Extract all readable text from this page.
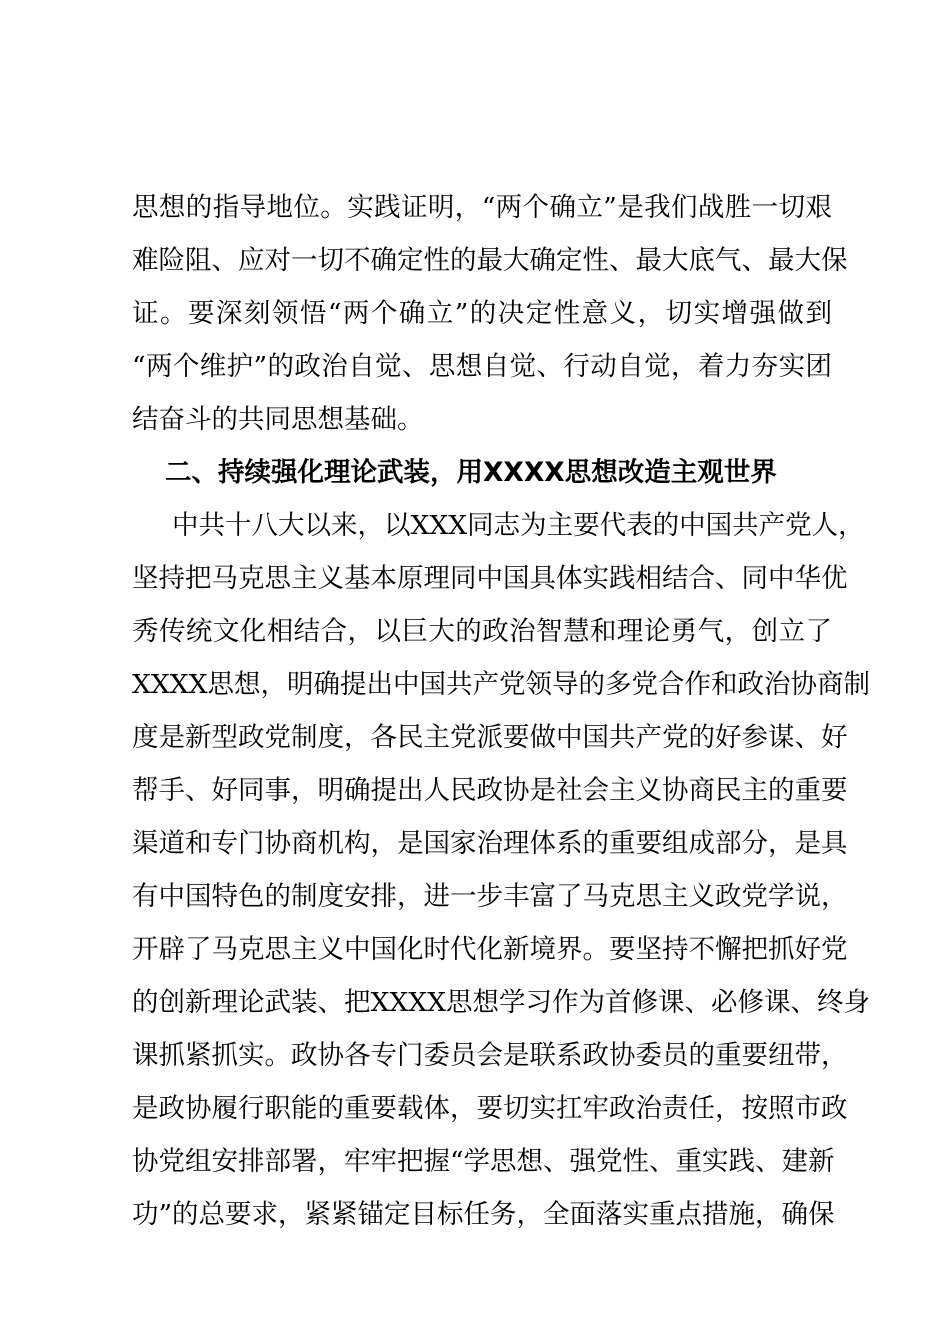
思想的指导地位。实践证明，“两个确立”是我们战胜一切艰
难险阻、应对一切不确定性的最大确定性、最大底气、最大保
证。要深刻领悟“两个确立”的决定性意义，切实增强做到
“两个维护”的政治自觉、思想自觉、行动自觉，着力夯实团
结奋斗的共同思想基础。
二、持续强化理论武装，用XXXX思想改造主观世界
中共十八大以来，以XXX同志为主要代表的中国共产党人，
坚持把马克思主义基本原理同中国具体实践相结合、同中华优
秀传统文化相结合，以巨大的政治智慧和理论勇气，创立了
XXXX思想，明确提出中国共产党领导的多党合作和政治协商制
度是新型政党制度，各民主党派要做中国共产党的好参谋、好
帮手、好同事，明确提出人民政协是社会主义协商民主的重要
渠道和专门协商机构，是国家治理体系的重要组成部分，是具
有中国特色的制度安排，进一步丰富了马克思主义政党学说，
开辟了马克思主义中国化时代化新境界。要坚持不懈把抓好党
的创新理论武装、把XXXX思想学习作为首修课、必修课、终身
课抓紧抓实。政协各专门委员会是联系政协委员的重要纽带，
是政协履行职能的重要载体，要切实扛牢政治责任，按照市政
协党组安排部署，牢牢把握“学思想、强党性、重实践、建新
功”的总要求，紧紧锚定目标任务，全面落实重点措施，确保
